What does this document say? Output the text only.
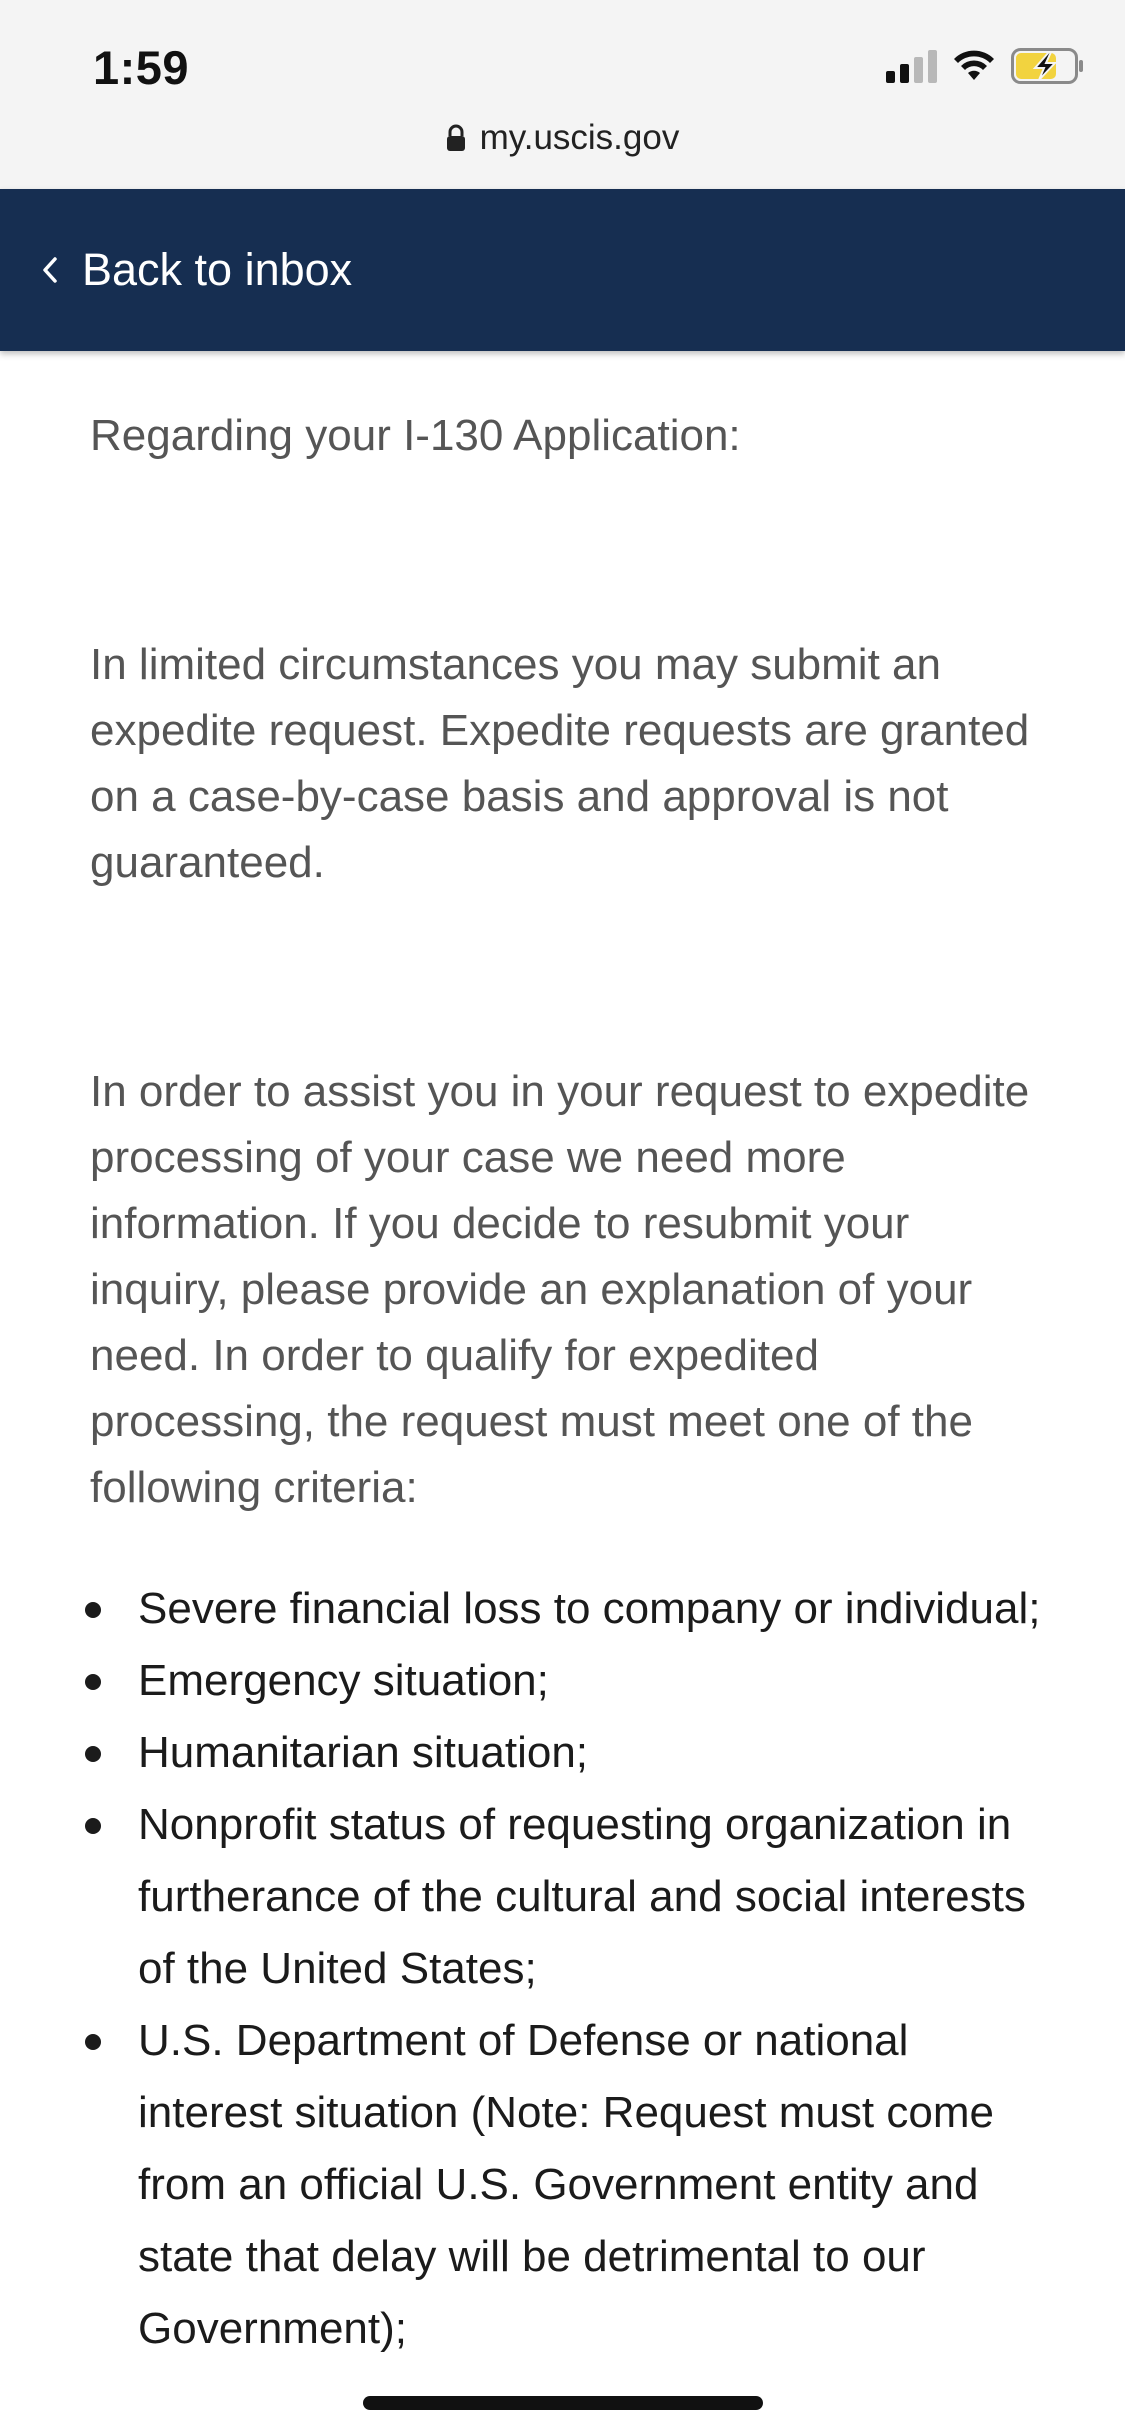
1:59
my.uscis.gov
Back to inbox

Regarding your I-130 Application:

In limited circumstances you may submit an expedite request. Expedite requests are granted on a case-by-case basis and approval is not guaranteed.

In order to assist you in your request to expedite processing of your case we need more information. If you decide to resubmit your inquiry, please provide an explanation of your need. In order to qualify for expedited processing, the request must meet one of the following criteria:

Severe financial loss to company or individual;
Emergency situation;
Humanitarian situation;
Nonprofit status of requesting organization in furtherance of the cultural and social interests of the United States;
U.S. Department of Defense or national interest situation (Note: Request must come from an official U.S. Government entity and state that delay will be detrimental to our Government);
